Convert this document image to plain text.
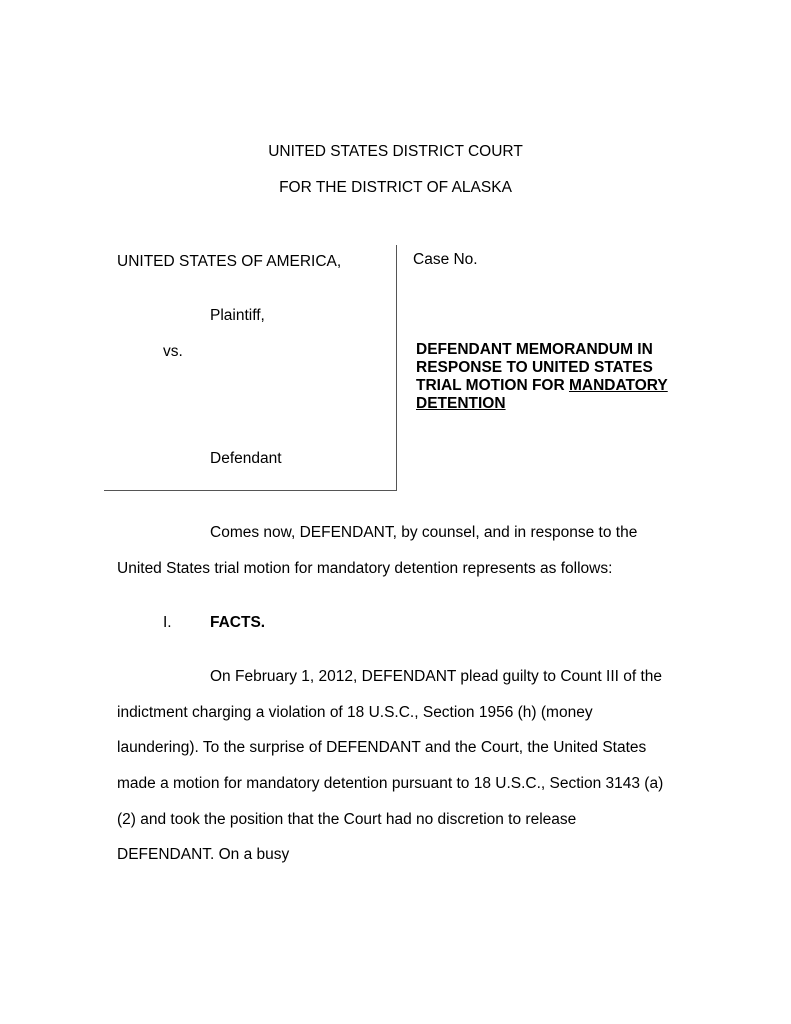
UNITED STATES DISTRICT COURT
FOR THE DISTRICT OF ALASKA
UNITED STATES OF AMERICA,
Plaintiff,
vs.
Defendant
Case No.
DEFENDANT MEMORANDUM IN
RESPONSE TO UNITED STATES
TRIAL MOTION FOR MANDATORY
DETENTION
Comes now, DEFENDANT, by counsel, and in response to the
United States trial motion for mandatory detention represents as follows:
I. FACTS.
On February 1, 2012, DEFENDANT plead guilty to Count III of the
indictment charging a violation of 18 U.S.C., Section 1956 (h) (money
laundering). To the surprise of DEFENDANT and the Court, the United States
made a motion for mandatory detention pursuant to 18 U.S.C., Section 3143 (a)
(2) and took the position that the Court had no discretion to release
DEFENDANT. On a busy
